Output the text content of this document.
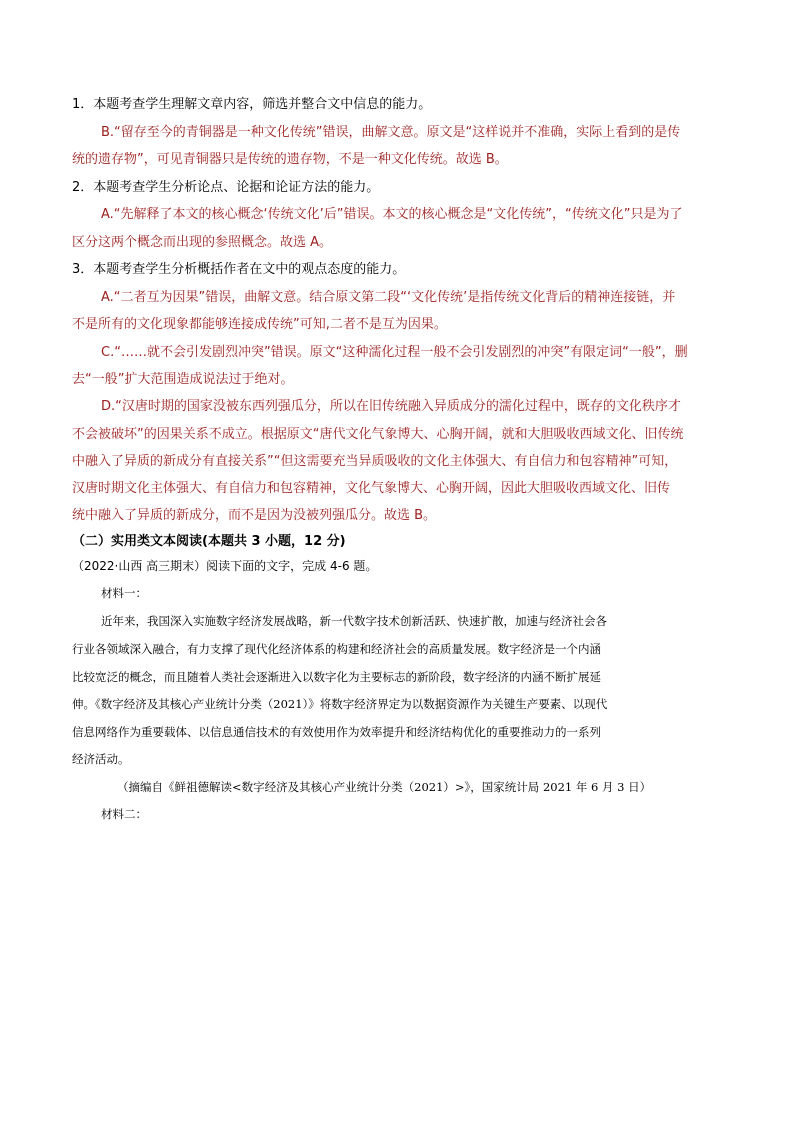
1．本题考查学生理解文章内容，筛选并整合文中信息的能力。
B.“留存至今的青铜器是一种文化传统”错误，曲解文意。原文是“这样说并不准确，实际上看到的是传
统的遗存物”，可见青铜器只是传统的遗存物，不是一种文化传统。故选 B。
2．本题考查学生分析论点、论据和论证方法的能力。
A.“先解释了本文的核心概念‘传统文化’后”错误。本文的核心概念是“文化传统”，“传统文化”只是为了
区分这两个概念而出现的参照概念。故选 A。
3．本题考查学生分析概括作者在文中的观点态度的能力。
A.“二者互为因果”错误，曲解文意。结合原文第二段“‘文化传统’是指传统文化背后的精神连接链，并
不是所有的文化现象都能够连接成传统”可知,二者不是互为因果。
C.“……就不会引发剧烈冲突”错误。原文“这种濡化过程一般不会引发剧烈的冲突”有限定词“一般”，删
去“一般”扩大范围造成说法过于绝对。
D.“汉唐时期的国家没被东西列强瓜分，所以在旧传统融入异质成分的濡化过程中，既存的文化秩序才
不会被破坏”的因果关系不成立。根据原文“唐代文化气象博大、心胸开阔，就和大胆吸收西域文化、旧传统
中融入了异质的新成分有直接关系”“但这需要充当异质吸收的文化主体强大、有自信力和包容精神”可知，
汉唐时期文化主体强大、有自信力和包容精神，文化气象博大、心胸开阔，因此大胆吸收西域文化、旧传
统中融入了异质的新成分，而不是因为没被列强瓜分。故选 B。
（二）实用类文本阅读(本题共 3 小题，12 分)
（2022·山西 高三期末）阅读下面的文字，完成 4-6 题。
材料一：
近年来，我国深入实施数字经济发展战略，新一代数字技术创新活跃、快速扩散，加速与经济社会各
行业各领域深入融合，有力支撑了现代化经济体系的构建和经济社会的高质量发展。数字经济是一个内涵
比较宽泛的概念，而且随着人类社会逐渐进入以数字化为主要标志的新阶段，数字经济的内涵不断扩展延
伸。《数字经济及其核心产业统计分类（2021）》将数字经济界定为以数据资源作为关键生产要素、以现代
信息网络作为重要载体、以信息通信技术的有效使用作为效率提升和经济结构优化的重要推动力的一系列
经济活动。
（摘编自《鲜祖德解读<数字经济及其核心产业统计分类（2021）>》，国家统计局 2021 年 6 月 3 日）
材料二：
